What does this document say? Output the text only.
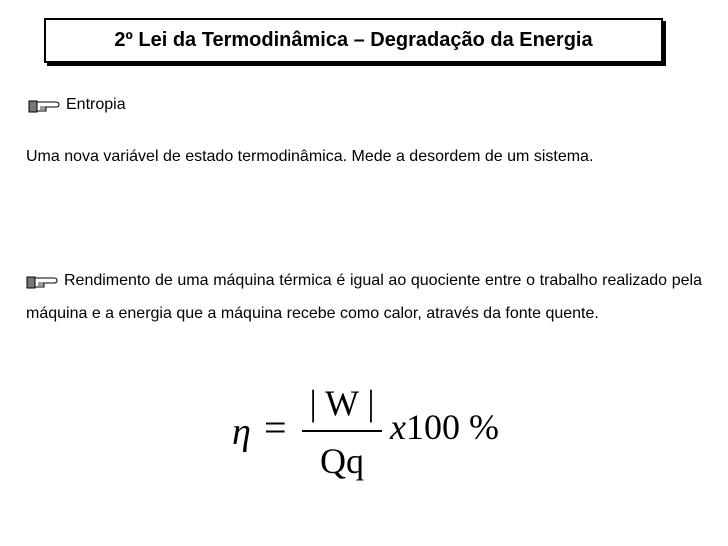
2º Lei da Termodinâmica – Degradação da Energia
Entropia

Uma nova variável de estado termodinâmica. Mede a desordem de um sistema.

Rendimento de uma máquina térmica é igual ao quociente entre o trabalho realizado pela máquina e a energia que a máquina recebe como calor, através da fonte quente.

η =
| W |
Qq
x100 %
